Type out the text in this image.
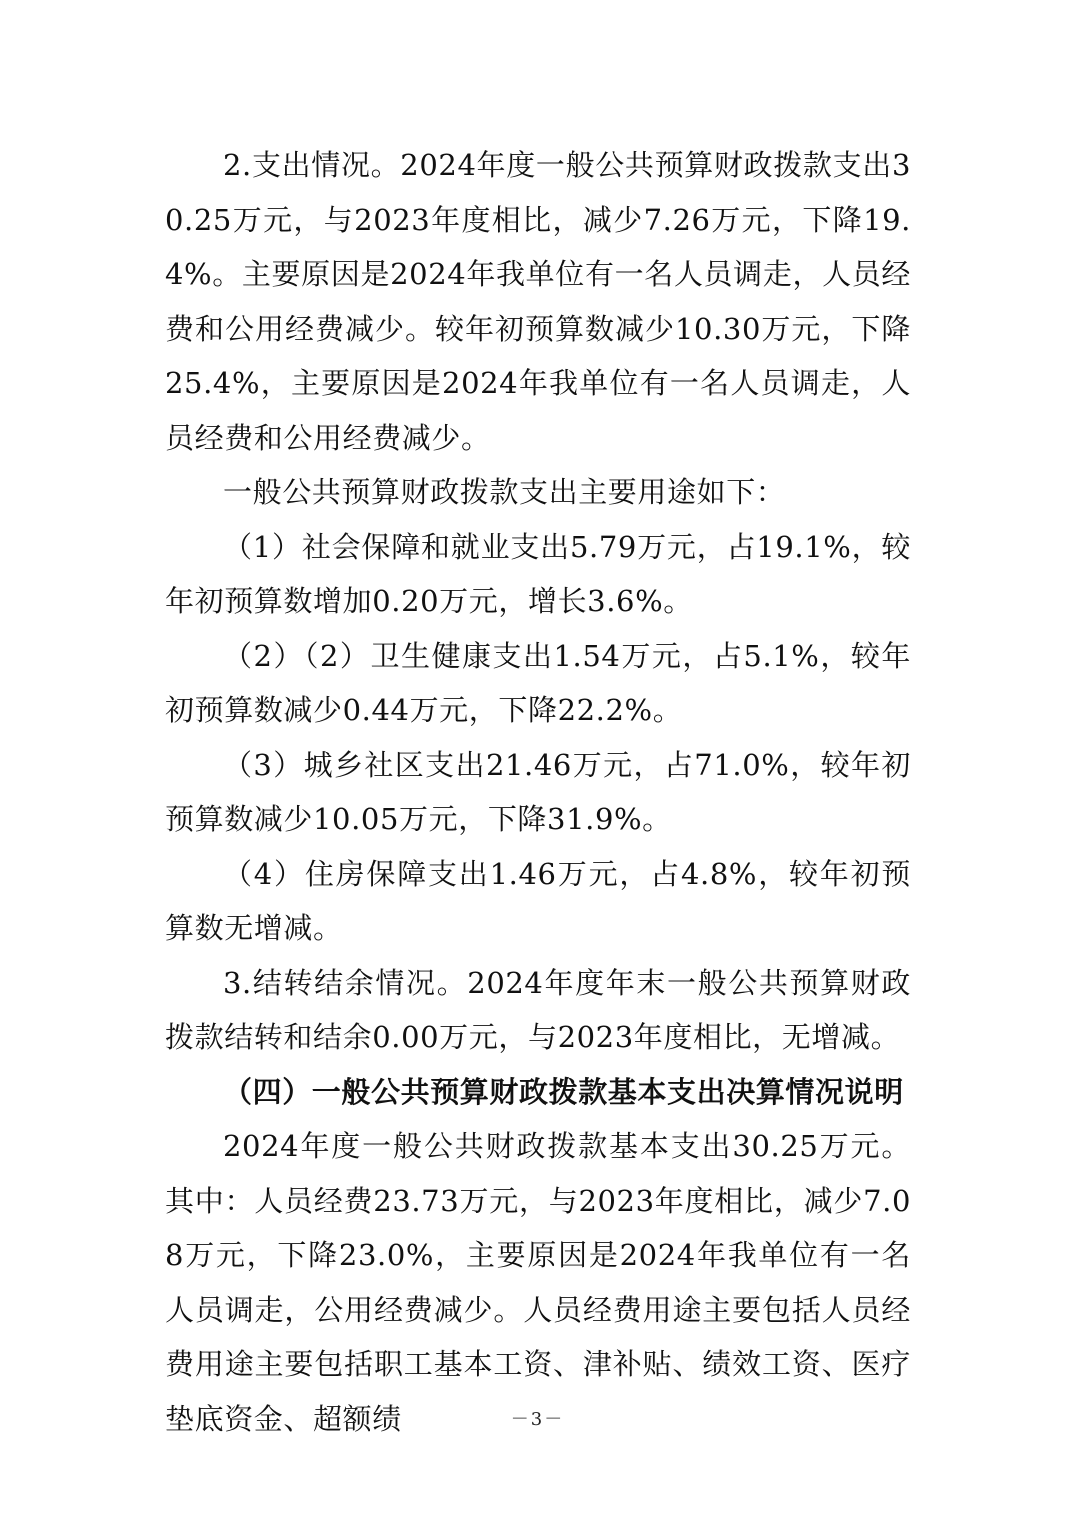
2.支出情况。2024年度一般公共预算财政拨款支出30.25万元，与2023年度相比，减少7.26万元，下降19.4%。主要原因是2024年我单位有一名人员调走，人员经费和公用经费减少。较年初预算数减少10.30万元，下降25.4%，主要原因是2024年我单位有一名人员调走，人员经费和公用经费减少。

一般公共预算财政拨款支出主要用途如下：

（1）社会保障和就业支出5.79万元，占19.1%，较年初预算数增加0.20万元，增长3.6%。

（2）（2）卫生健康支出1.54万元，占5.1%，较年初预算数减少0.44万元，下降22.2%。

（3）城乡社区支出21.46万元，占71.0%，较年初预算数减少10.05万元，下降31.9%。

（4）住房保障支出1.46万元，占4.8%，较年初预算数无增减。

3.结转结余情况。2024年度年末一般公共预算财政拨款结转和结余0.00万元，与2023年度相比，无增减。

（四）一般公共预算财政拨款基本支出决算情况说明

2024年度一般公共财政拨款基本支出30.25万元。其中：人员经费23.73万元，与2023年度相比，减少7.08万元，下降23.0%，主要原因是2024年我单位有一名人员调走，公用经费减少。人员经费用途主要包括人员经费用途主要包括职工基本工资、津补贴、绩效工资、医疗垫底资金、超额绩	－3－
